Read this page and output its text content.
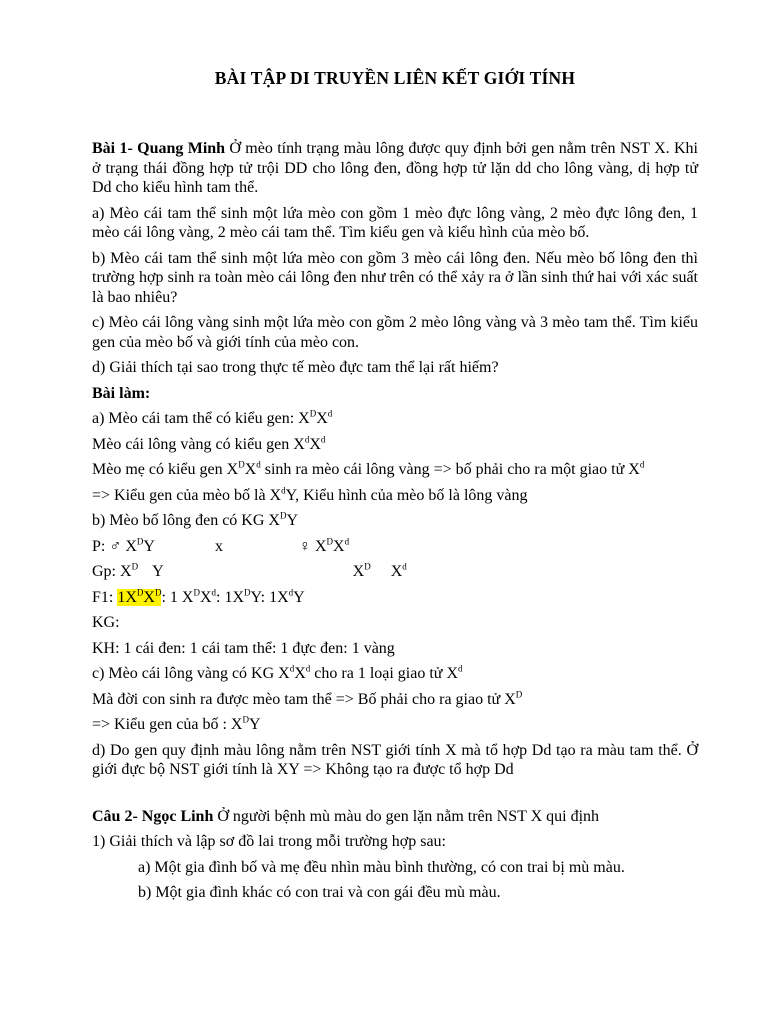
BÀI TẬP DI TRUYỀN LIÊN KẾT GIỚI TÍNH

Bài 1- Quang Minh Ở mèo tính trạng màu lông được quy định bởi gen nằm trên NST X. Khi ở trạng thái đồng hợp tử trội DD cho lông đen, đồng hợp tử lặn dd cho lông vàng, dị hợp tử Dd cho kiểu hình tam thể.

a) Mèo cái tam thể sinh một lứa mèo con gồm 1 mèo đực lông vàng, 2 mèo đực lông đen, 1 mèo cái lông vàng, 2 mèo cái tam thể. Tìm kiểu gen và kiểu hình của mèo bố.

b) Mèo cái tam thể sinh một lứa mèo con gồm 3 mèo cái lông đen. Nếu mèo bố lông đen thì trường hợp sinh ra toàn mèo cái lông đen như trên có thể xảy ra ở lần sinh thứ hai với xác suất là bao nhiêu?

c) Mèo cái lông vàng sinh một lứa mèo con gồm 2 mèo lông vàng và 3 mèo tam thể. Tìm kiểu gen của mèo bố và giới tính của mèo con.

d) Giải thích tại sao trong thực tế mèo đực tam thể lại rất hiếm?

Bài làm:

a) Mèo cái tam thể có kiểu gen: $X^DX^d$

Mèo cái lông vàng có kiểu gen $X^dX^d$

Mèo mẹ có kiểu gen $X^DX^d$ sinh ra mèo cái lông vàng => bố phải cho ra một giao tử $X^d$

=> Kiểu gen của mèo bố là $X^dY$, Kiểu hình của mèo bố là lông vàng

b) Mèo bố lông đen có KG $X^DY$

P: ♂ $X^DY$	x	♀ $X^DX^d$

Gp: $X^D$ Y	$X^D$ $X^d$

F1: $1X^DX^D$: 1 $X^DX^d$: $1X^DY$: $1X^dY$

KG:

KH: 1 cái đen: 1 cái tam thể: 1 đực đen: 1 vàng

c) Mèo cái lông vàng có KG $X^dX^d$ cho ra 1 loại giao tử $X^d$

Mà đời con sinh ra được mèo tam thể => Bố phải cho ra giao tử $X^D$

=> Kiểu gen của bố : $X^DY$

d) Do gen quy định màu lông nằm trên NST giới tính X mà tổ hợp Dd tạo ra màu tam thể. Ở giới đực bộ NST giới tính là XY => Không tạo ra được tổ hợp Dd

Câu 2- Ngọc Linh Ở người bệnh mù màu do gen lặn nằm trên NST X qui định

1) Giải thích và lập sơ đồ lai trong mỗi trường hợp sau:

a) Một gia đình bố và mẹ đều nhìn màu bình thường, có con trai bị mù màu.

b) Một gia đình khác có con trai và con gái đều mù màu.
